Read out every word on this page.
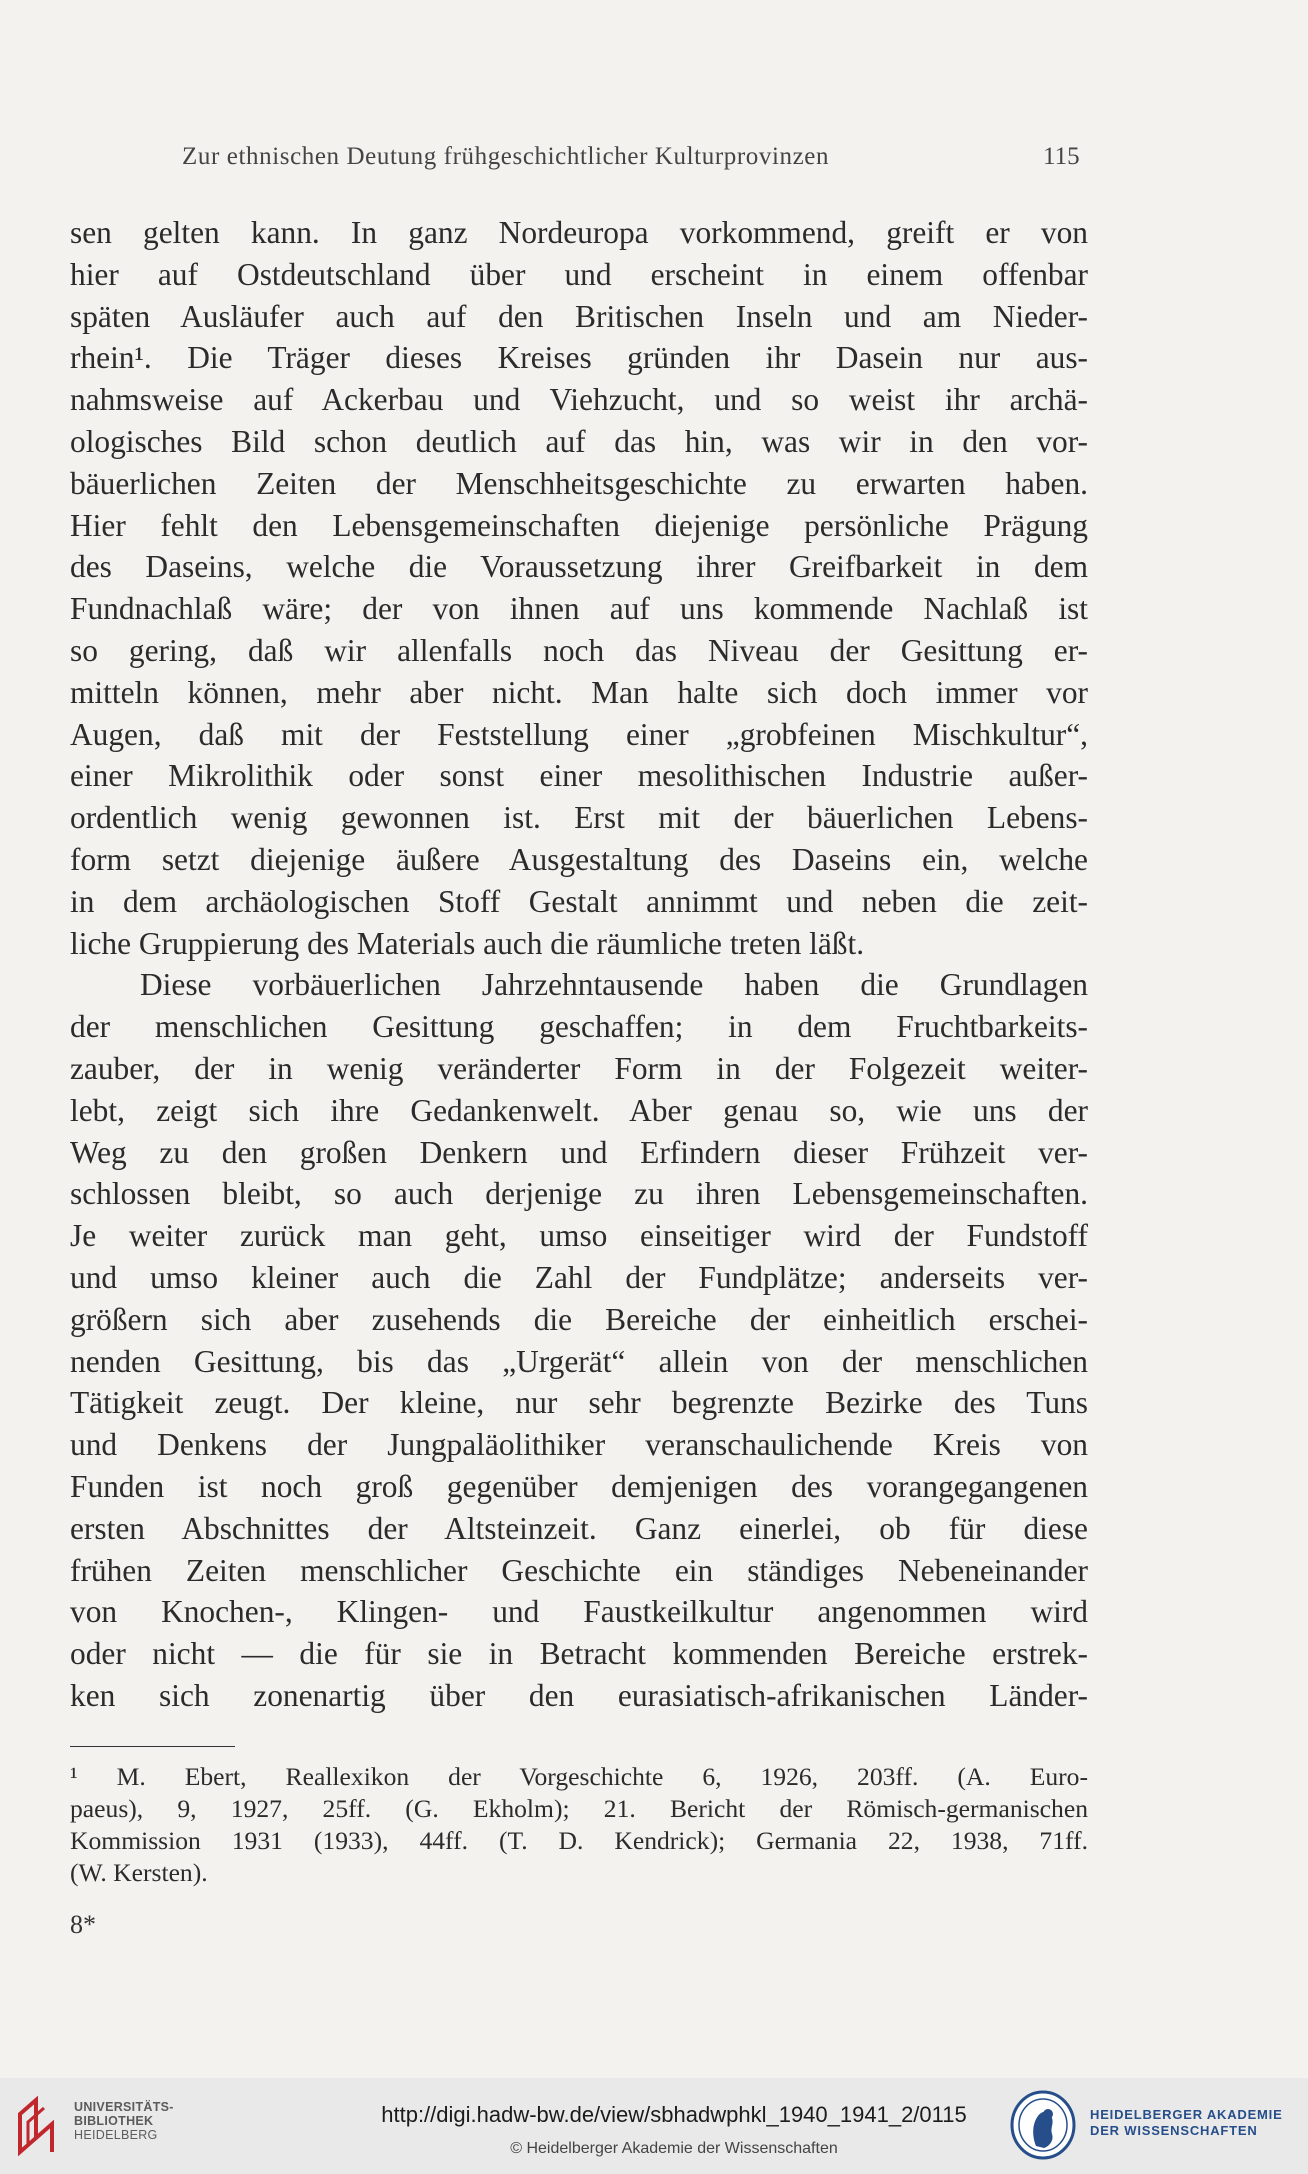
Zur ethnischen Deutung frühgeschichtlicher Kulturprovinzen	115
sen gelten kann. In ganz Nordeuropa vorkommend, greift er von
hier auf Ostdeutschland über und erscheint in einem offenbar
späten Ausläufer auch auf den Britischen Inseln und am Nieder-
rhein¹. Die Träger dieses Kreises gründen ihr Dasein nur aus-
nahmsweise auf Ackerbau und Viehzucht, und so weist ihr archä-
ologisches Bild schon deutlich auf das hin, was wir in den vor-
bäuerlichen Zeiten der Menschheitsgeschichte zu erwarten haben.
Hier fehlt den Lebensgemeinschaften diejenige persönliche Prägung
des Daseins, welche die Voraussetzung ihrer Greifbarkeit in dem
Fundnachlaß wäre; der von ihnen auf uns kommende Nachlaß ist
so gering, daß wir allenfalls noch das Niveau der Gesittung er-
mitteln können, mehr aber nicht. Man halte sich doch immer vor
Augen, daß mit der Feststellung einer „grobfeinen Mischkultur“,
einer Mikrolithik oder sonst einer mesolithischen Industrie außer-
ordentlich wenig gewonnen ist. Erst mit der bäuerlichen Lebens-
form setzt diejenige äußere Ausgestaltung des Daseins ein, welche
in dem archäologischen Stoff Gestalt annimmt und neben die zeit-
liche Gruppierung des Materials auch die räumliche treten läßt.
Diese vorbäuerlichen Jahrzehntausende haben die Grundlagen
der menschlichen Gesittung geschaffen; in dem Fruchtbarkeits-
zauber, der in wenig veränderter Form in der Folgezeit weiter-
lebt, zeigt sich ihre Gedankenwelt. Aber genau so, wie uns der
Weg zu den großen Denkern und Erfindern dieser Frühzeit ver-
schlossen bleibt, so auch derjenige zu ihren Lebensgemeinschaften.
Je weiter zurück man geht, umso einseitiger wird der Fundstoff
und umso kleiner auch die Zahl der Fundplätze; anderseits ver-
größern sich aber zusehends die Bereiche der einheitlich erschei-
nenden Gesittung, bis das „Urgerät“ allein von der menschlichen
Tätigkeit zeugt. Der kleine, nur sehr begrenzte Bezirke des Tuns
und Denkens der Jungpaläolithiker veranschaulichende Kreis von
Funden ist noch groß gegenüber demjenigen des vorangegangenen
ersten Abschnittes der Altsteinzeit. Ganz einerlei, ob für diese
frühen Zeiten menschlicher Geschichte ein ständiges Nebeneinander
von Knochen-, Klingen- und Faustkeilkultur angenommen wird
oder nicht — die für sie in Betracht kommenden Bereiche erstrek-
ken sich zonenartig über den eurasiatisch-afrikanischen Länder-
¹ M. Ebert, Reallexikon der Vorgeschichte 6, 1926, 203ff. (A. Euro-
paeus), 9, 1927, 25ff. (G. Ekholm); 21. Bericht der Römisch-germanischen
Kommission 1931 (1933), 44ff. (T. D. Kendrick); Germania 22, 1938, 71ff.
(W. Kersten).
8*
UNIVERSITÄTS-
BIBLIOTHEK
HEIDELBERG
http://digi.hadw-bw.de/view/sbhadwphkl_1940_1941_2/0115
© Heidelberger Akademie der Wissenschaften
HEIDELBERGER AKADEMIE
DER WISSENSCHAFTEN
